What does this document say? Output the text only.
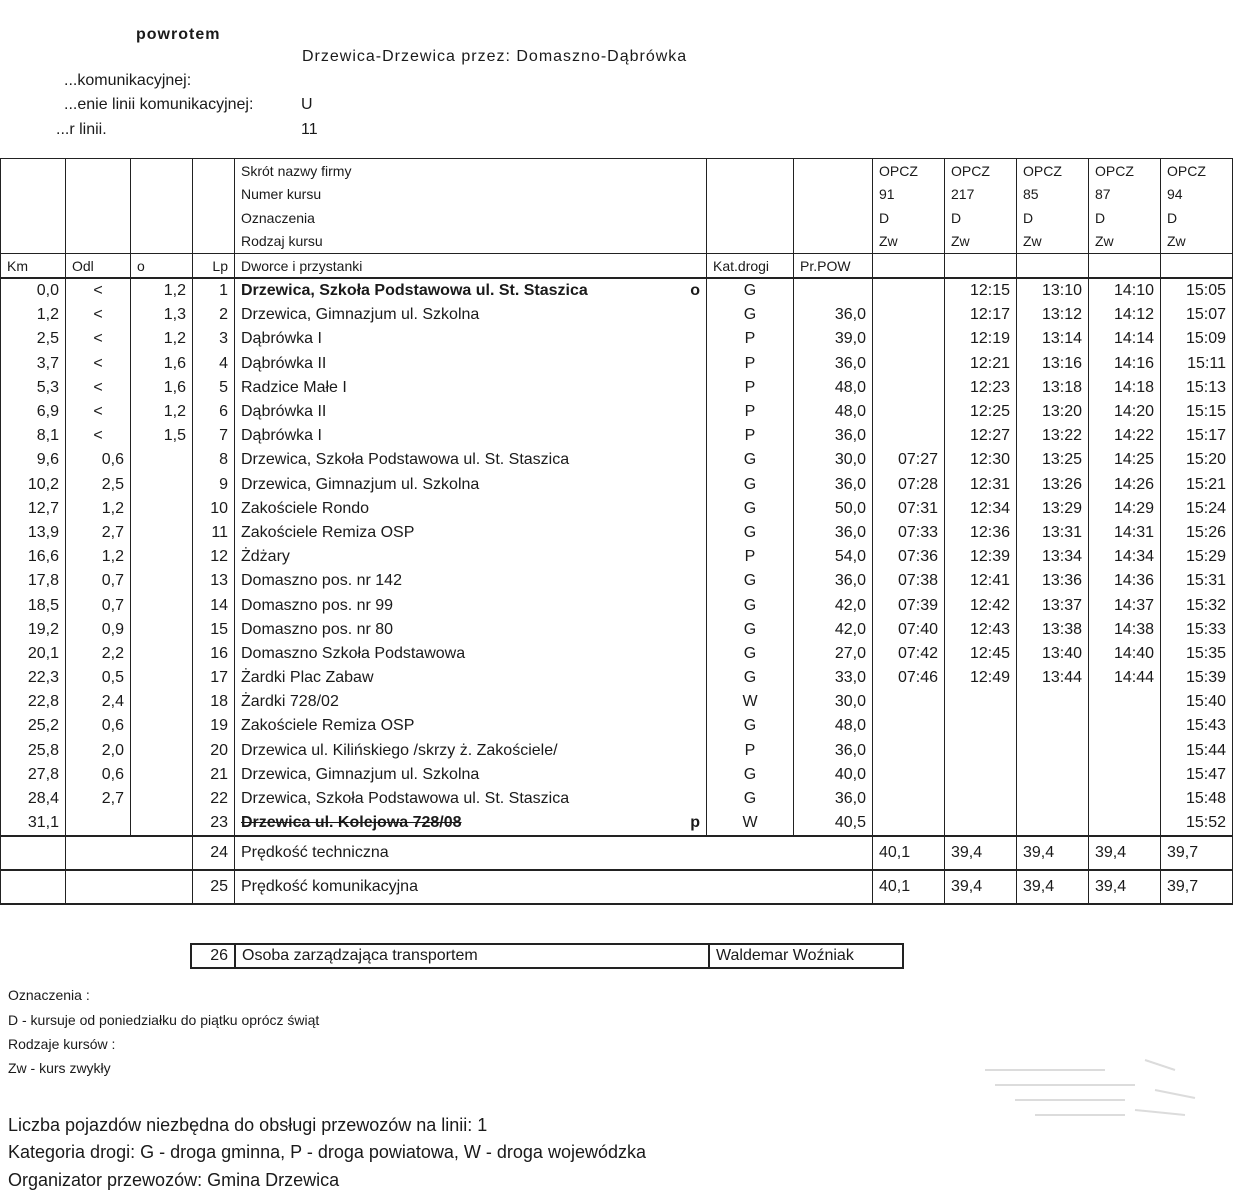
powrotem
Drzewica-Drzewica przez: Domaszno-Dąbrówka
...komunikacyjnej:
...enie linii komunikacyjnej:	U
...r linii.	11
				Skrót nazwy firmy			OPCZ	OPCZ	OPCZ	OPCZ	OPCZ
				Numer kursu			91	217	85	87	94
				Oznaczenia			D	D	D	D	D
				Rodzaj kursu			Zw	Zw	Zw	Zw	Zw
Km	Odl	o	Lp	Dworce i przystanki	Kat.drogi	Pr.POW					
0,0	<	1,2	1	Drzewica, Szkoła Podstawowa ul. St. Staszica o	G			12:15	13:10	14:10	15:05
1,2	<	1,3	2	Drzewica, Gimnazjum ul. Szkolna	G	36,0		12:17	13:12	14:12	15:07
2,5	<	1,2	3	Dąbrówka I	P	39,0		12:19	13:14	14:14	15:09
3,7	<	1,6	4	Dąbrówka II	P	36,0		12:21	13:16	14:16	15:11
5,3	<	1,6	5	Radzice Małe I	P	48,0		12:23	13:18	14:18	15:13
6,9	<	1,2	6	Dąbrówka II	P	48,0		12:25	13:20	14:20	15:15
8,1	<	1,5	7	Dąbrówka I	P	36,0		12:27	13:22	14:22	15:17
9,6	0,6		8	Drzewica, Szkoła Podstawowa ul. St. Staszica	G	30,0	07:27	12:30	13:25	14:25	15:20
10,2	2,5		9	Drzewica, Gimnazjum ul. Szkolna	G	36,0	07:28	12:31	13:26	14:26	15:21
12,7	1,2		10	Zakościele Rondo	G	50,0	07:31	12:34	13:29	14:29	15:24
13,9	2,7		11	Zakościele Remiza OSP	G	36,0	07:33	12:36	13:31	14:31	15:26
16,6	1,2		12	Żdżary	P	54,0	07:36	12:39	13:34	14:34	15:29
17,8	0,7		13	Domaszno pos. nr 142	G	36,0	07:38	12:41	13:36	14:36	15:31
18,5	0,7		14	Domaszno pos. nr 99	G	42,0	07:39	12:42	13:37	14:37	15:32
19,2	0,9		15	Domaszno pos. nr 80	G	42,0	07:40	12:43	13:38	14:38	15:33
20,1	2,2		16	Domaszno Szkoła Podstawowa	G	27,0	07:42	12:45	13:40	14:40	15:35
22,3	0,5		17	Żardki Plac Zabaw	G	33,0	07:46	12:49	13:44	14:44	15:39
22,8	2,4		18	Żardki 728/02	W	30,0					15:40
25,2	0,6		19	Zakościele Remiza OSP	G	48,0					15:43
25,8	2,0		20	Drzewica ul. Kilińskiego /skrzy ż. Zakościele/	P	36,0					15:44
27,8	0,6		21	Drzewica, Gimnazjum ul. Szkolna	G	40,0					15:47
28,4	2,7		22	Drzewica, Szkoła Podstawowa ul. St. Staszica	G	36,0					15:48
31,1			23	Drzewica ul. Kolejowa 728/08 p	W	40,5					15:52
			24	Prędkość techniczna			40,1	39,4	39,4	39,4	39,7
			25	Prędkość komunikacyjna			40,1	39,4	39,4	39,4	39,7
26	Osoba zarządzająca transportem	Waldemar Woźniak
Oznaczenia :
D - kursuje od poniedziałku do piątku oprócz świąt
Rodzaje kursów :
Zw - kurs zwykły
Liczba pojazdów niezbędna do obsługi przewozów na linii: 1
Kategoria drogi: G - droga gminna, P - droga powiatowa, W - droga wojewódzka
Organizator przewozów: Gmina Drzewica
